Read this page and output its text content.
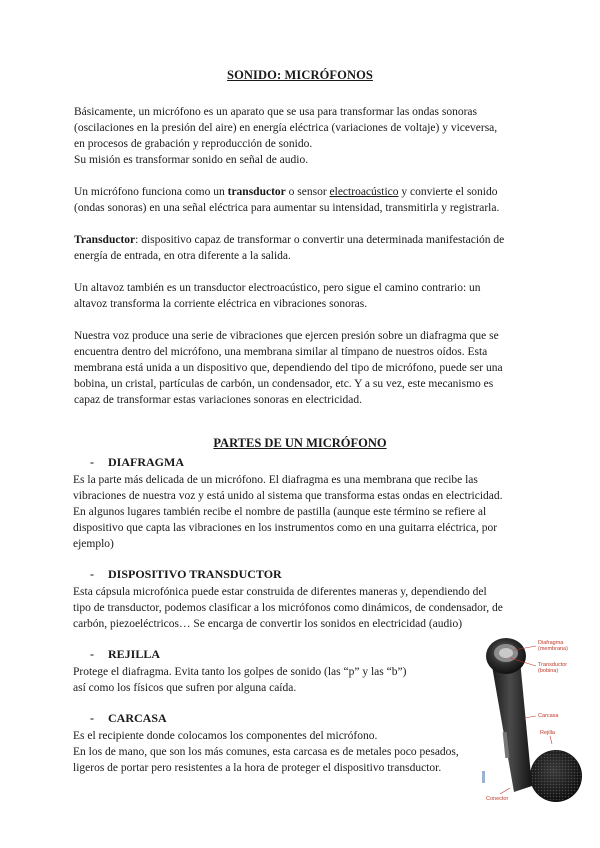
SONIDO: MICRÓFONOS
Básicamente, un micrófono es un aparato que se usa para transformar las ondas sonoras
(oscilaciones en la presión del aire) en energía eléctrica (variaciones de voltaje) y viceversa,
en procesos de grabación y reproducción de sonido.
Su misión es transformar sonido en señal de audio.
Un micrófono funciona como un transductor o sensor electroacústico y convierte el sonido
(ondas sonoras) en una señal eléctrica para aumentar su intensidad, transmitirla y registrarla.
Transductor: dispositivo capaz de transformar o convertir una determinada manifestación de
energía de entrada, en otra diferente a la salida.
Un altavoz también es un transductor electroacústico, pero sigue el camino contrario: un
altavoz transforma la corriente eléctrica en vibraciones sonoras.
Nuestra voz produce una serie de vibraciones que ejercen presión sobre un diafragma que se
encuentra dentro del micrófono, una membrana similar al tímpano de nuestros oídos. Esta
membrana está unida a un dispositivo que, dependiendo del tipo de micrófono, puede ser una
bobina, un cristal, partículas de carbón, un condensador, etc. Y a su vez, este mecanismo es
capaz de transformar estas variaciones sonoras en electricidad.
PARTES DE UN MICRÓFONO
- DIAFRAGMA
Es la parte más delicada de un micrófono. El diafragma es una membrana que recibe las
vibraciones de nuestra voz y está unido al sistema que transforma estas ondas en electricidad.
En algunos lugares también recibe el nombre de pastilla (aunque este término se refiere al
dispositivo que capta las vibraciones en los instrumentos como en una guitarra eléctrica, por
ejemplo)
- DISPOSITIVO TRANSDUCTOR
Esta cápsula microfónica puede estar construida de diferentes maneras y, dependiendo del
tipo de transductor, podemos clasificar a los micrófonos como dinámicos, de condensador, de
carbón, piezoeléctricos… Se encarga de convertir los sonidos en electricidad (audio)
- REJILLA
Protege el diafragma. Evita tanto los golpes de sonido (las “p” y las “b”)
así como los físicos que sufren por alguna caída.
- CARCASA
Es el recipiente donde colocamos los componentes del micrófono.
En los de mano, que son los más comunes, esta carcasa es de metales poco pesados,
ligeros de portar pero resistentes a la hora de proteger el dispositivo transductor.
Diafragma
(membrana)
Transductor
(bobina)
Carcasa
Rejilla
Conector
